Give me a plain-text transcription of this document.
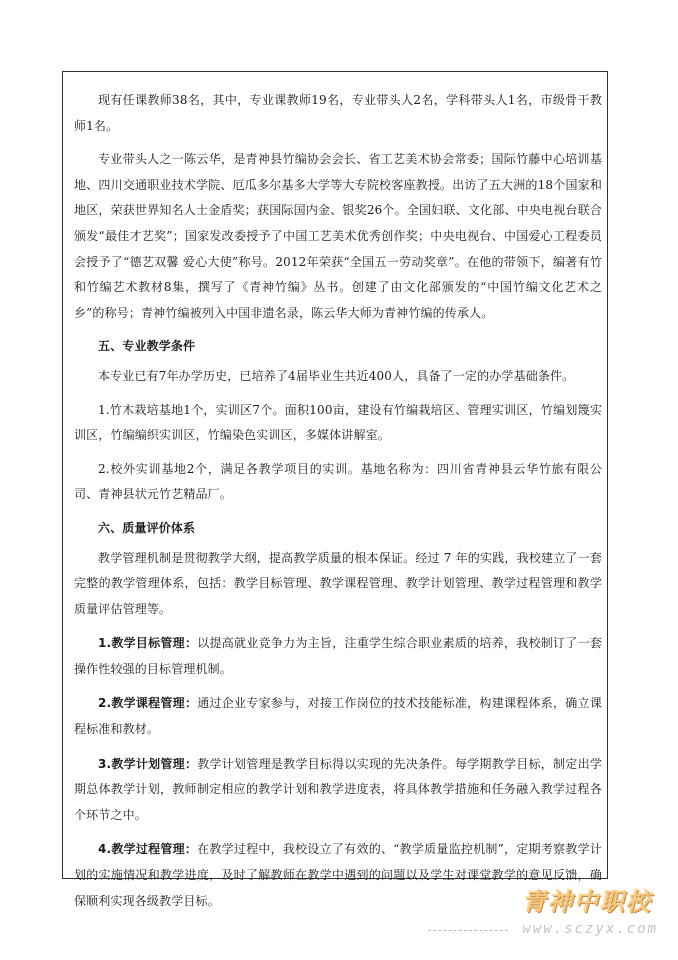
现有任课教师38名，其中，专业课教师19名，专业带头人2名，学科带头人1名，市级骨干教师1名。

专业带头人之一陈云华，是青神县竹编协会会长、省工艺美术协会常委；国际竹藤中心培训基地、四川交通职业技术学院、厄瓜多尔基多大学等大专院校客座教授。出访了五大洲的18个国家和地区，荣获世界知名人士金盾奖；获国际国内金、银奖26个。全国妇联、文化部、中央电视台联合颁发“最佳才艺奖”；国家发改委授予了中国工艺美术优秀创作奖；中央电视台、中国爱心工程委员会授予了“德艺双馨 爱心大使”称号。2012年荣获“全国五一劳动奖章”。在他的带领下，编著有竹和竹编艺术教材8集，撰写了《青神竹编》丛书。创建了由文化部颁发的“中国竹编文化艺术之乡”的称号；青神竹编被列入中国非遗名录，陈云华大师为青神竹编的传承人。

五、专业教学条件

本专业已有7年办学历史，已培养了4届毕业生共近400人，具备了一定的办学基础条件。

1.竹木栽培基地1个，实训区7个。面积100亩，建设有竹编栽培区、管理实训区，竹编划篾实训区，竹编编织实训区，竹编染色实训区，多媒体讲解室。

2.校外实训基地2个，满足各教学项目的实训。基地名称为：四川省青神县云华竹旅有限公司、青神县状元竹艺精品厂。

六、质量评价体系

教学管理机制是贯彻教学大纲，提高教学质量的根本保证。经过 7 年的实践，我校建立了一套完整的教学管理体系，包括：教学目标管理、教学课程管理、教学计划管理、教学过程管理和教学质量评估管理等。

1.教学目标管理：以提高就业竞争力为主旨，注重学生综合职业素质的培养，我校制订了一套操作性较强的目标管理机制。

2.教学课程管理：通过企业专家参与，对接工作岗位的技术技能标准，构建课程体系，确立课程标准和教材。

3.教学计划管理：教学计划管理是教学目标得以实现的先决条件。每学期教学目标，制定出学期总体教学计划，教师制定相应的教学计划和教学进度表，将具体教学措施和任务融入教学过程各个环节之中。

4.教学过程管理：在教学过程中，我校设立了有效的、“教学质量监控机制”，定期考察教学计划的实施情况和教学进度，及时了解教师在教学中遇到的问题以及学生对课堂教学的意见反馈，确保顺利实现各级教学目标。	青神中职校
www.sczyx.com
